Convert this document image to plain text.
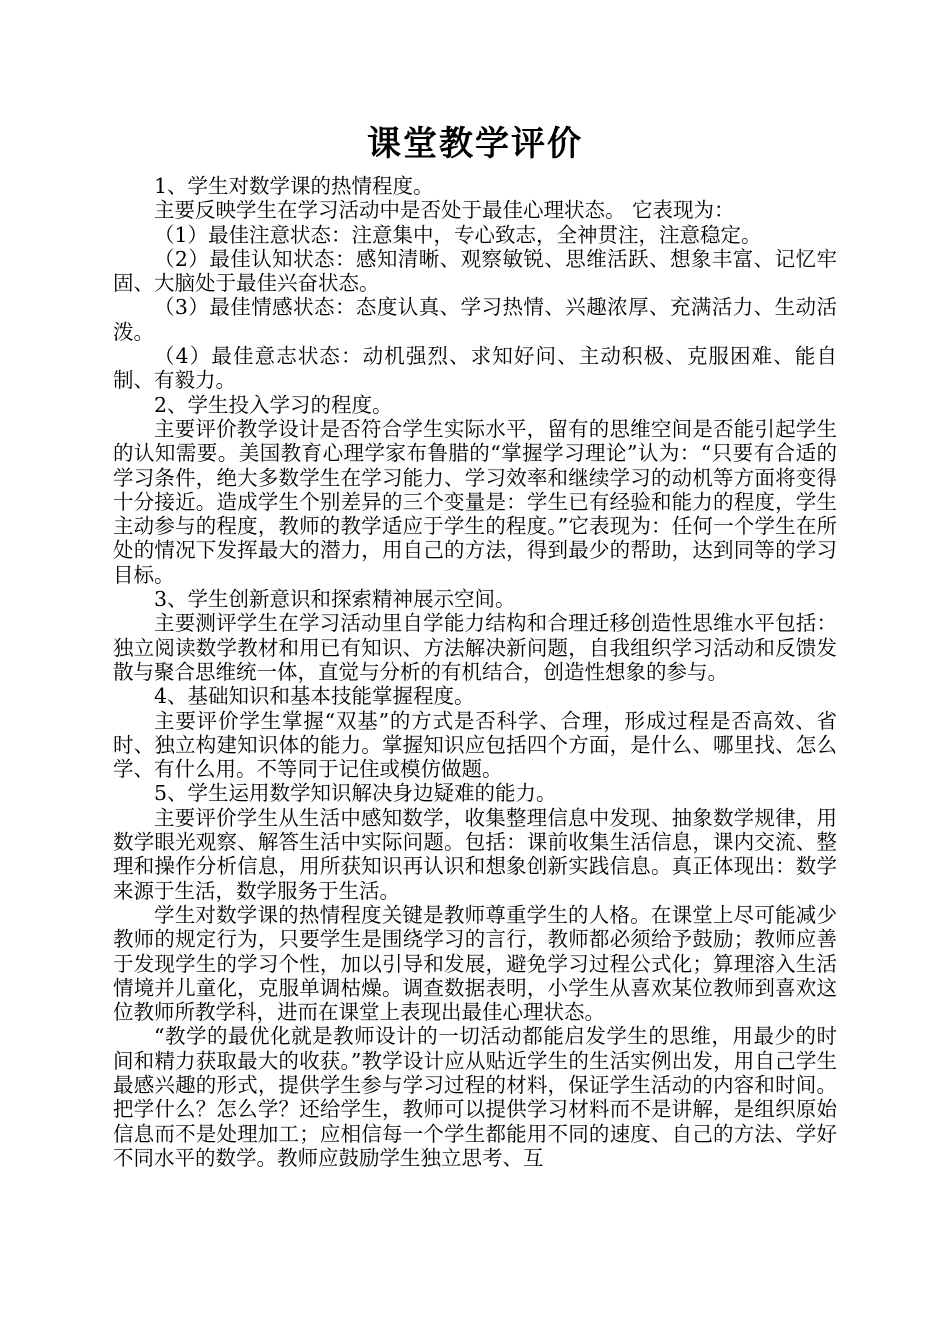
课堂教学评价

1、学生对数学课的热情程度。

主要反映学生在学习活动中是否处于最佳心理状态。 它表现为：

（1）最佳注意状态：注意集中，专心致志，全神贯注，注意稳定。

（2）最佳认知状态：感知清晰、观察敏锐、思维活跃、想象丰富、记忆牢固、大脑处于最佳兴奋状态。

（3）最佳情感状态：态度认真、学习热情、兴趣浓厚、充满活力、生动活泼。

（4）最佳意志状态：动机强烈、求知好问、主动积极、克服困难、能自制、有毅力。

2、学生投入学习的程度。

主要评价教学设计是否符合学生实际水平，留有的思维空间是否能引起学生的认知需要。美国教育心理学家布鲁腊的“掌握学习理论”认为：“只要有合适的学习条件，绝大多数学生在学习能力、学习效率和继续学习的动机等方面将变得十分接近。造成学生个别差异的三个变量是：学生已有经验和能力的程度，学生主动参与的程度，教师的教学适应于学生的程度。”它表现为：任何一个学生在所处的情况下发挥最大的潜力，用自己的方法，得到最少的帮助，达到同等的学习目标。

3、学生创新意识和探索精神展示空间。

主要测评学生在学习活动里自学能力结构和合理迁移创造性思维水平包括：独立阅读数学教材和用已有知识、方法解决新问题，自我组织学习活动和反馈发散与聚合思维统一体，直觉与分析的有机结合，创造性想象的参与。

4、基础知识和基本技能掌握程度。

主要评价学生掌握“双基”的方式是否科学、合理，形成过程是否高效、省时、独立构建知识体的能力。掌握知识应包括四个方面，是什么、哪里找、怎么学、有什么用。不等同于记住或模仿做题。

5、学生运用数学知识解决身边疑难的能力。

主要评价学生从生活中感知数学，收集整理信息中发现、抽象数学规律，用数学眼光观察、解答生活中实际问题。包括：课前收集生活信息，课内交流、整理和操作分析信息，用所获知识再认识和想象创新实践信息。真正体现出：数学来源于生活，数学服务于生活。

学生对数学课的热情程度关键是教师尊重学生的人格。在课堂上尽可能减少教师的规定行为，只要学生是围绕学习的言行，教师都必须给予鼓励；教师应善于发现学生的学习个性，加以引导和发展，避免学习过程公式化；算理溶入生活情境并儿童化，克服单调枯燥。调查数据表明，小学生从喜欢某位教师到喜欢这位教师所教学科，进而在课堂上表现出最佳心理状态。

“教学的最优化就是教师设计的一切活动都能启发学生的思维，用最少的时间和精力获取最大的收获。”教学设计应从贴近学生的生活实例出发，用自己学生最感兴趣的形式，提供学生参与学习过程的材料，保证学生活动的内容和时间。把学什么？怎么学？还给学生，教师可以提供学习材料而不是讲解，是组织原始信息而不是处理加工；应相信每一个学生都能用不同的速度、自己的方法、学好不同水平的数学。教师应鼓励学生独立思考、互
